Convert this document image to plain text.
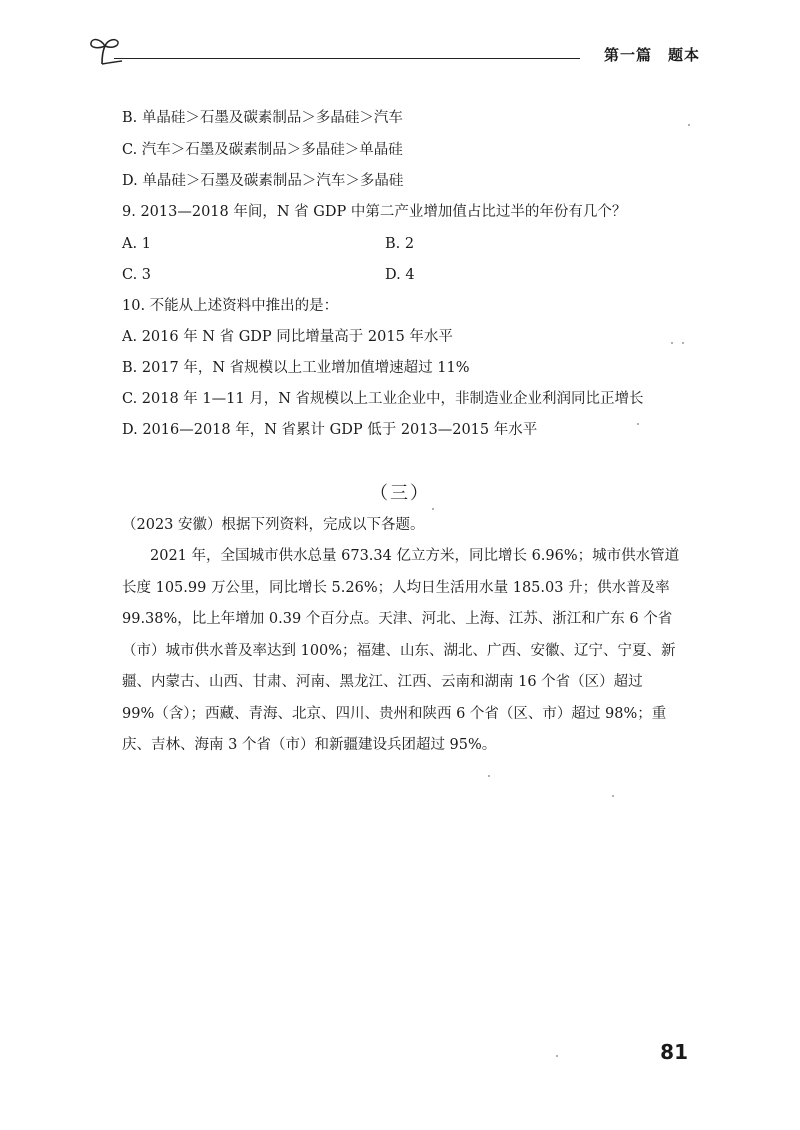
第一篇　题本
B. 单晶硅＞石墨及碳素制品＞多晶硅＞汽车
C. 汽车＞石墨及碳素制品＞多晶硅＞单晶硅
D. 单晶硅＞石墨及碳素制品＞汽车＞多晶硅
9. 2013—2018 年间，N 省 GDP 中第二产业增加值占比过半的年份有几个？
A. 1	B. 2
C. 3	D. 4
10. 不能从上述资料中推出的是：
A. 2016 年 N 省 GDP 同比增量高于 2015 年水平
B. 2017 年，N 省规模以上工业增加值增速超过 11%
C. 2018 年 1—11 月，N 省规模以上工业企业中，非制造业企业利润同比正增长
D. 2016—2018 年，N 省累计 GDP 低于 2013—2015 年水平
（三）
（2023 安徽）根据下列资料，完成以下各题。
2021 年，全国城市供水总量 673.34 亿立方米，同比增长 6.96%；城市供水管道
长度 105.99 万公里，同比增长 5.26%；人均日生活用水量 185.03 升；供水普及率
99.38%，比上年增加 0.39 个百分点。天津、河北、上海、江苏、浙江和广东 6 个省
（市）城市供水普及率达到 100%；福建、山东、湖北、广西、安徽、辽宁、宁夏、新
疆、内蒙古、山西、甘肃、河南、黑龙江、江西、云南和湖南 16 个省（区）超过
99%（含）；西藏、青海、北京、四川、贵州和陕西 6 个省（区、市）超过 98%；重
庆、吉林、海南 3 个省（市）和新疆建设兵团超过 95%。
81
